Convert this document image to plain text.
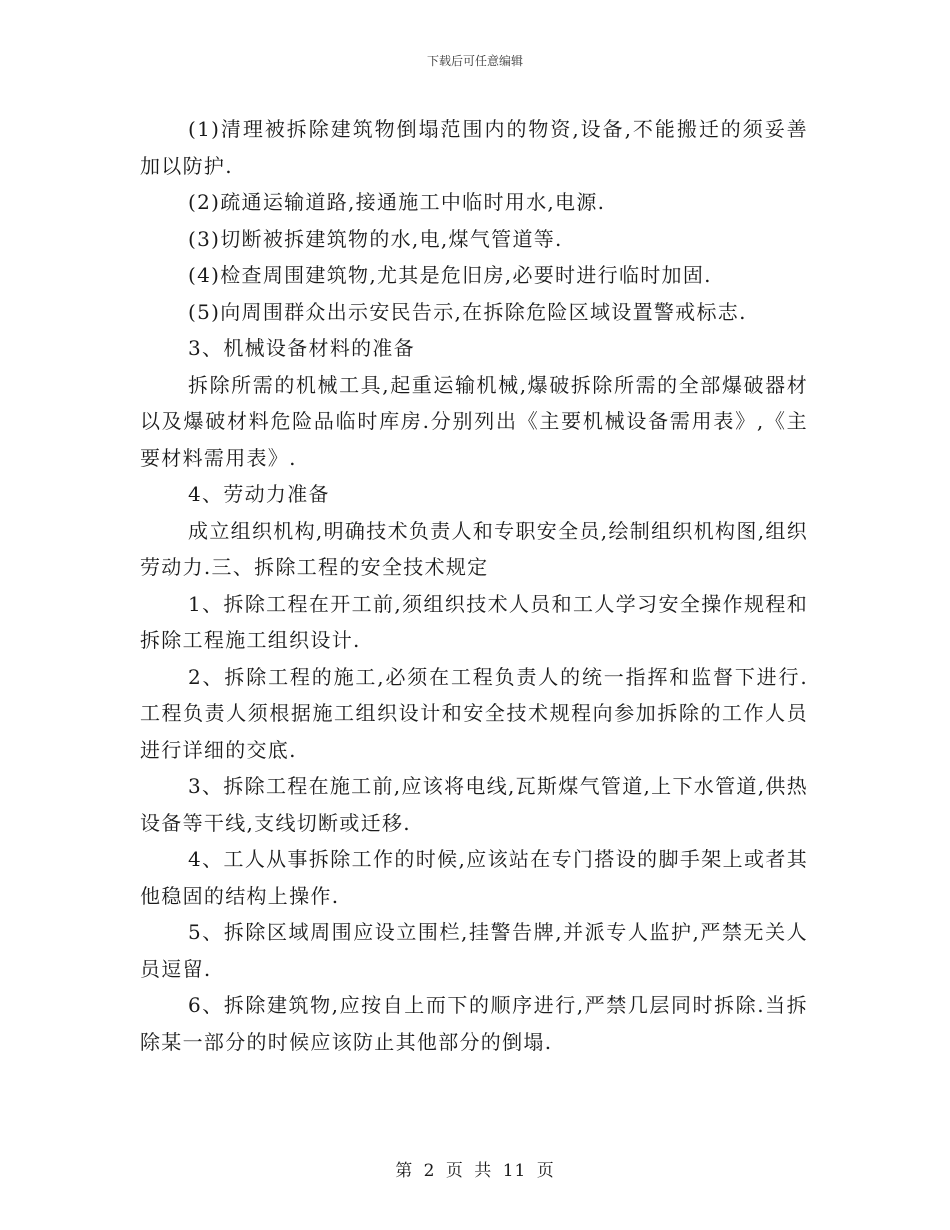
下载后可任意编辑

(1)清理被拆除建筑物倒塌范围内的物资,设备,不能搬迁的须妥善加以防护.

(2)疏通运输道路,接通施工中临时用水,电源.

(3)切断被拆建筑物的水,电,煤气管道等.

(4)检查周围建筑物,尤其是危旧房,必要时进行临时加固.

(5)向周围群众出示安民告示,在拆除危险区域设置警戒标志.

3、机械设备材料的准备

拆除所需的机械工具,起重运输机械,爆破拆除所需的全部爆破器材以及爆破材料危险品临时库房.分别列出《主要机械设备需用表》,《主要材料需用表》.

4、劳动力准备

成立组织机构,明确技术负责人和专职安全员,绘制组织机构图,组织劳动力.三、拆除工程的安全技术规定

1、拆除工程在开工前,须组织技术人员和工人学习安全操作规程和拆除工程施工组织设计.

2、拆除工程的施工,必须在工程负责人的统一指挥和监督下进行.工程负责人须根据施工组织设计和安全技术规程向参加拆除的工作人员进行详细的交底.

3、拆除工程在施工前,应该将电线,瓦斯煤气管道,上下水管道,供热设备等干线,支线切断或迁移.

4、工人从事拆除工作的时候,应该站在专门搭设的脚手架上或者其他稳固的结构上操作.

5、拆除区域周围应设立围栏,挂警告牌,并派专人监护,严禁无关人员逗留.

6、拆除建筑物,应按自上而下的顺序进行,严禁几层同时拆除.当拆除某一部分的时候应该防止其他部分的倒塌.

第 2 页 共 11 页
